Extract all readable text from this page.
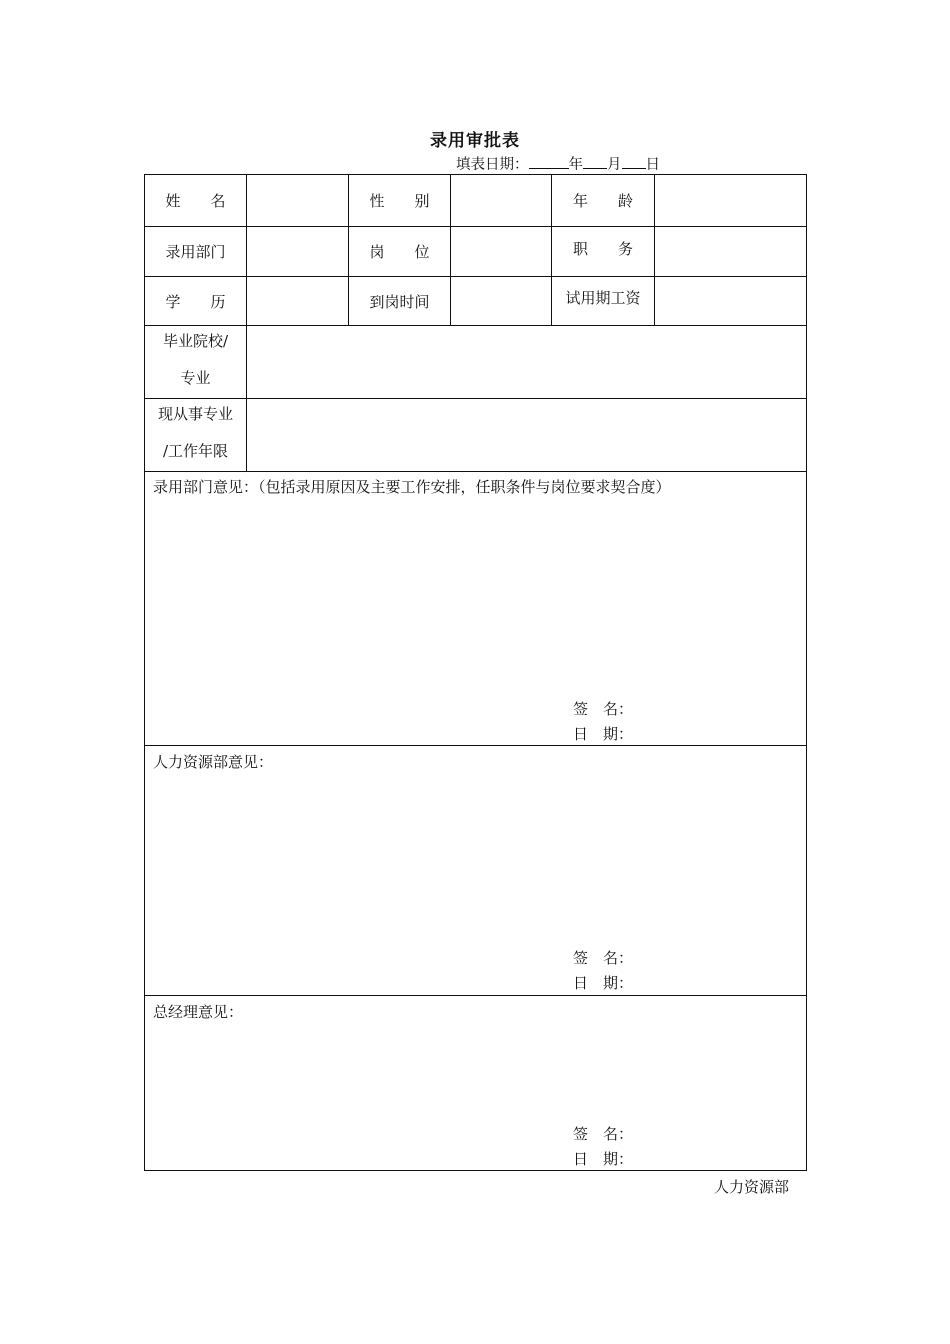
录用审批表
填表日期：	年 月 日
姓　　名	性　　别	年　　龄
录用部门	岗　　位	职　　务
学　　历	到岗时间	试用期工资
毕业院校/
专业
现从事专业
/工作年限
录用部门意见：（包括录用原因及主要工作安排，任职条件与岗位要求契合度）
签　名：
日　期：
人力资源部意见：
签　名：
日　期：
总经理意见：
签　名：
日　期：
人力资源部
